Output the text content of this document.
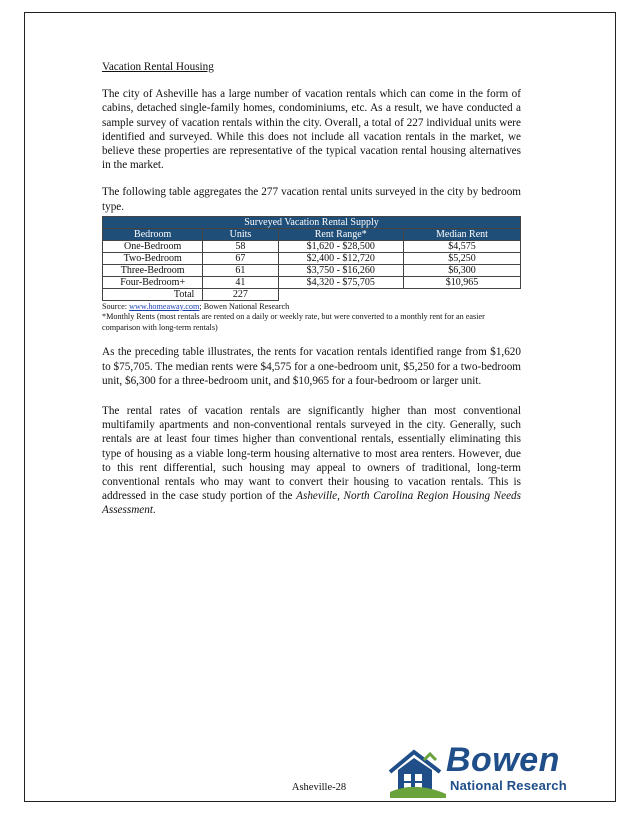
Vacation Rental Housing

The city of Asheville has a large number of vacation rentals which can come in the form of cabins, detached single-family homes, condominiums, etc. As a result, we have conducted a sample survey of vacation rentals within the city. Overall, a total of 227 individual units were identified and surveyed. While this does not include all vacation rentals in the market, we believe these properties are representative of the typical vacation rental housing alternatives in the market.

The following table aggregates the 277 vacation rental units surveyed in the city by bedroom type.

Surveyed Vacation Rental Supply			
Bedroom	Units	Rent Range*	Median Rent
One-Bedroom	58	$1,620 - $28,500	$4,575
Two-Bedroom	67	$2,400 - $12,720	$5,250
Three-Bedroom	61	$3,750 - $16,260	$6,300
Four-Bedroom+	41	$4,320 - $75,705	$10,965
Total	227		
Source: www.homeaway.com; Bowen National Research
*Monthly Rents (most rentals are rented on a daily or weekly rate, but were converted to a monthly rent for an easier comparison with long-term rentals)

As the preceding table illustrates, the rents for vacation rentals identified range from $1,620 to $75,705. The median rents were $4,575 for a one-bedroom unit, $5,250 for a two-bedroom unit, $6,300 for a three-bedroom unit, and $10,965 for a four-bedroom or larger unit.

The rental rates of vacation rentals are significantly higher than most conventional multifamily apartments and non-conventional rentals surveyed in the city. Generally, such rentals are at least four times higher than conventional rentals, essentially eliminating this type of housing as a viable long-term housing alternative to most area renters. However, due to this rent differential, such housing may appeal to owners of traditional, long-term conventional rentals who may want to convert their housing to vacation rentals. This is addressed in the case study portion of the Asheville, North Carolina Region Housing Needs Assessment.

Asheville-28
Bowen
National Research
